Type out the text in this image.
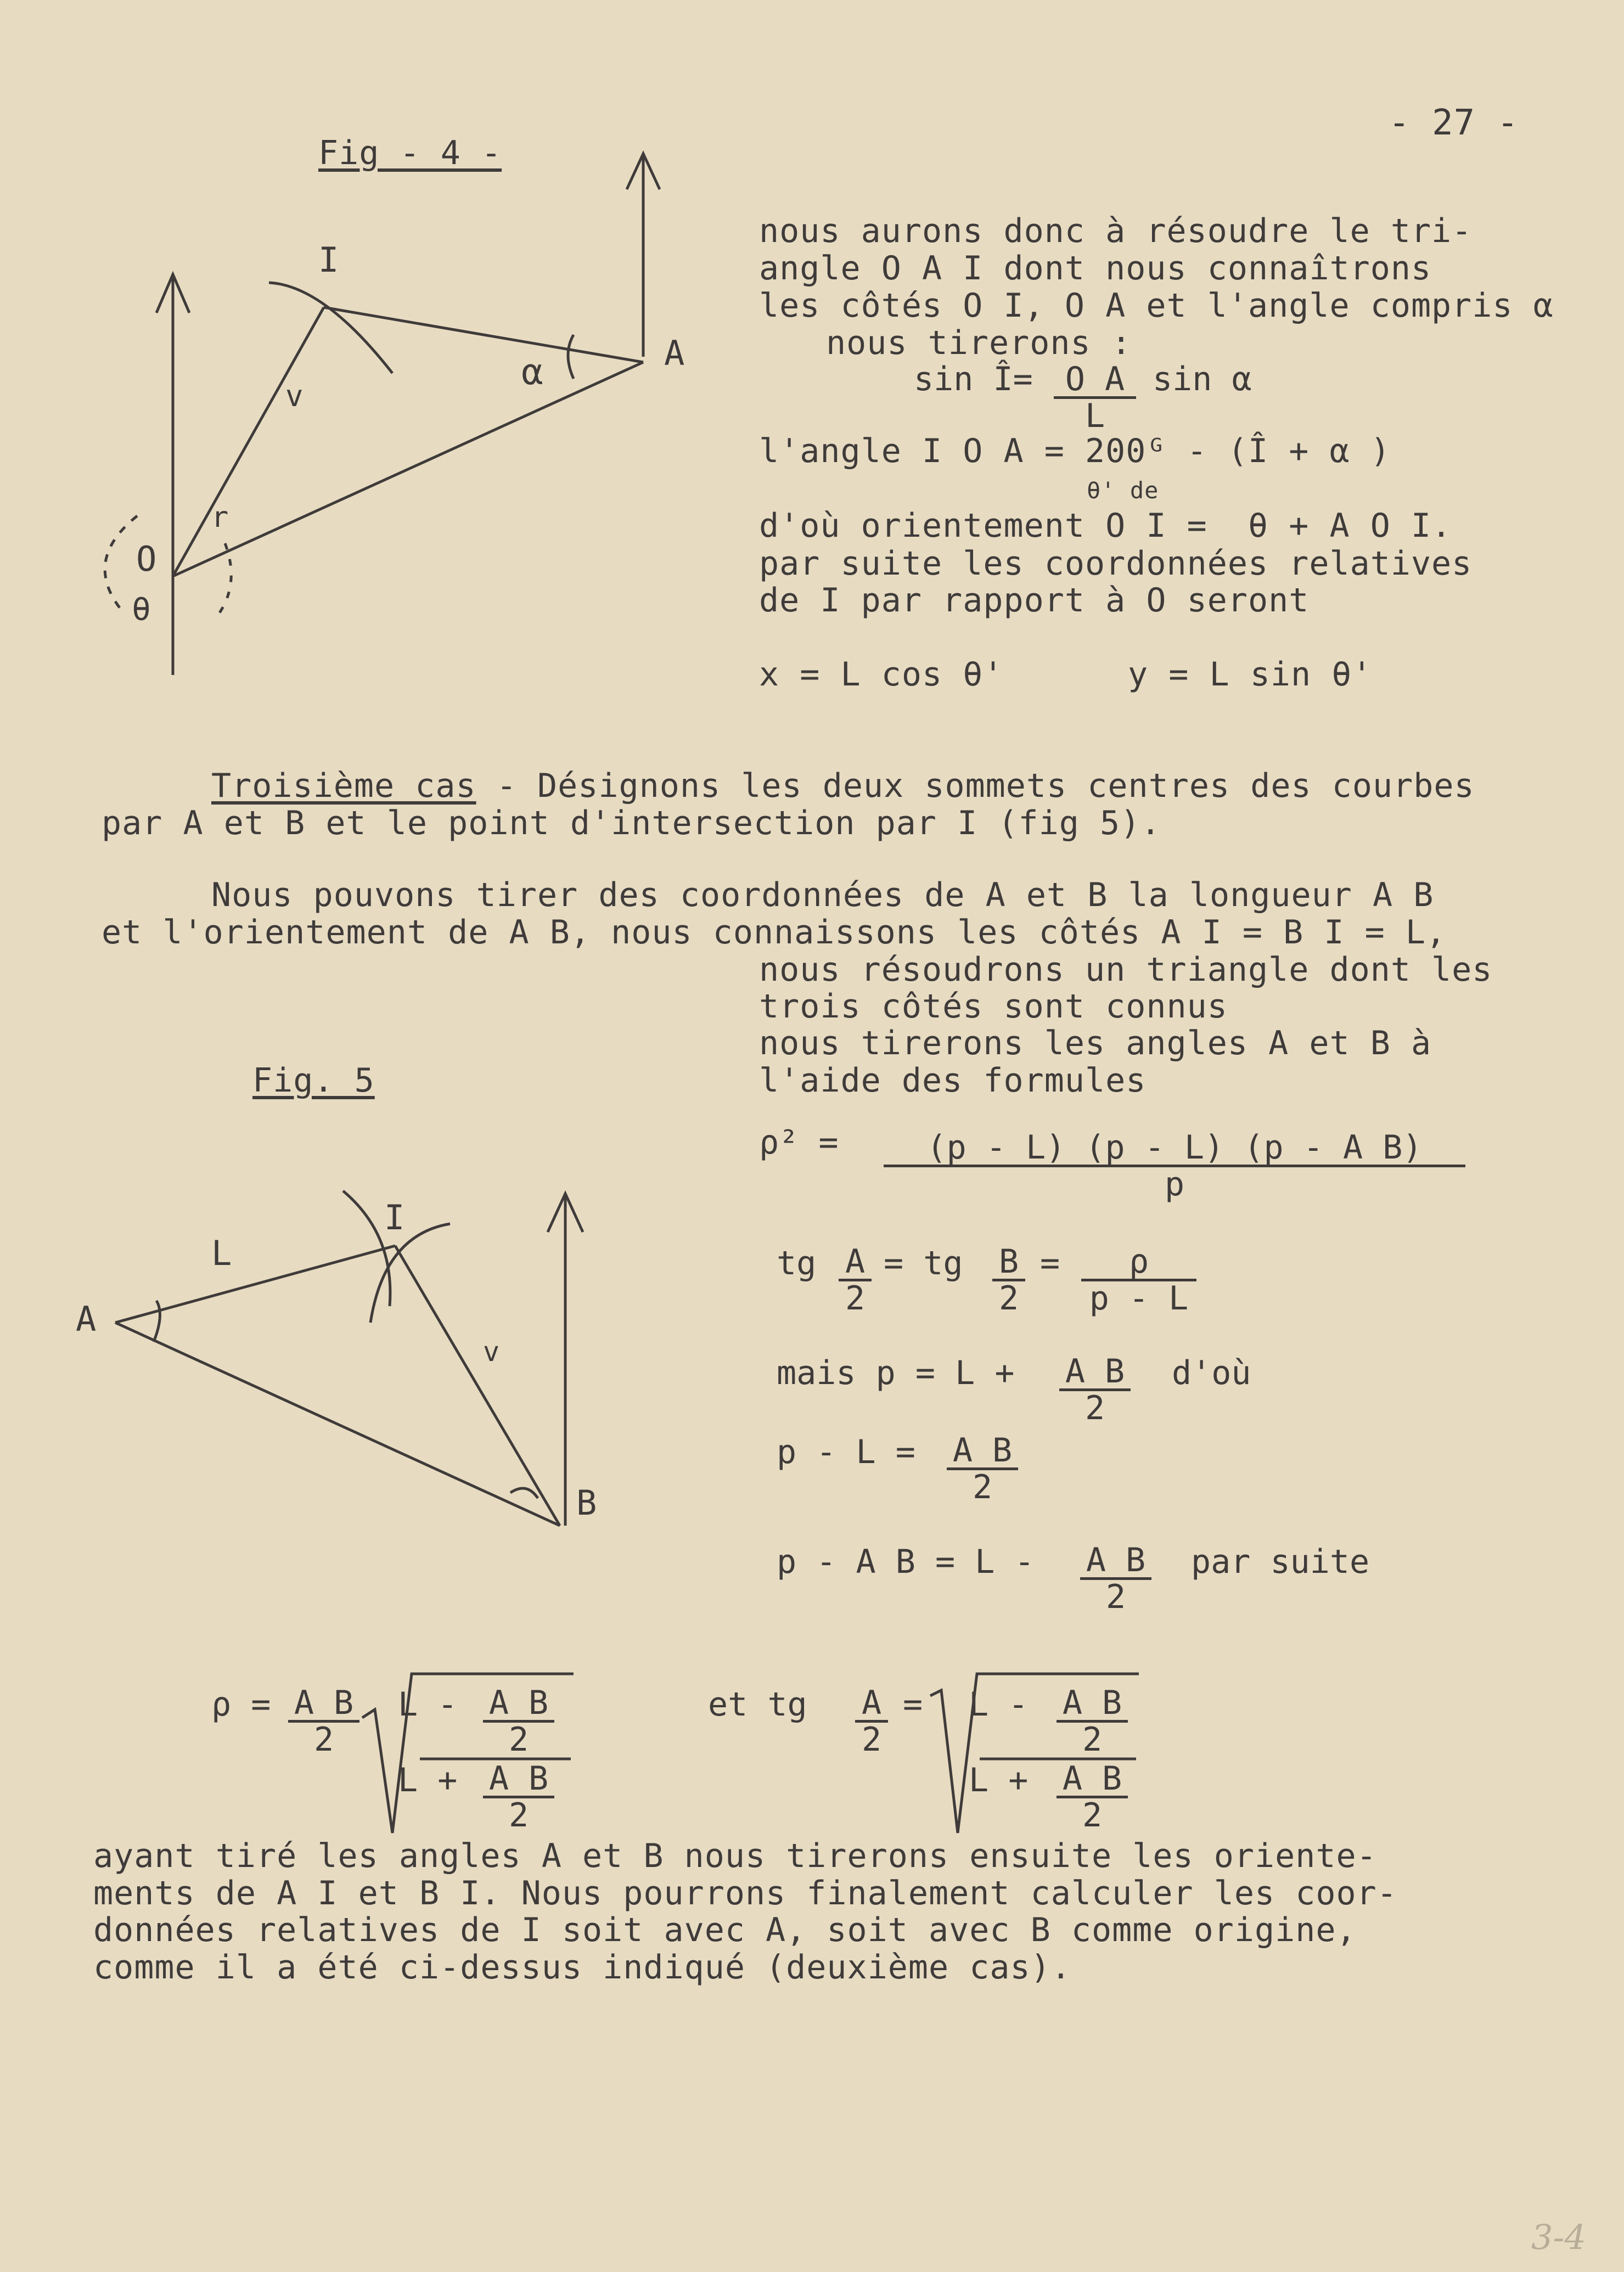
- 27 -
Fig - 4 -
I
A
O
α
θ
v
r
nous aurons donc à résoudre le tri-
angle O A I dont nous connaîtrons
les côtés O I, O A et l'angle compris α
nous tirerons :
sin Î= $\frac{\text{O A}}{L}$ sin α
l'angle I O A = 200ᴳ - (Î + α )
θ' de
d'où orientement O I =  θ + A O I.
par suite les coordonnées relatives
de I par rapport à O seront
x = L cos θ'	y = L sin θ'
Troisième cas - Désignons les deux sommets centres des courbes
par A et B et le point d'intersection par I (fig 5).
Nous pouvons tirer des coordonnées de A et B la longueur A B
et l'orientement de A B, nous connaissons les côtés A I = B I = L,
nous résoudrons un triangle dont les
trois côtés sont connus
nous tirerons les angles A et B à
l'aide des formules
Fig. 5
A
B
I
L
v
$\rho^2 = \frac{\text{(p - L) (p - L) (p - A B)}}{p}$
tg $\frac{A}{2}$ = tg $\frac{B}{2} = \frac{\rho}{p - L}$
mais $p = L + \frac{\text{A B}}{2}$ d'où
$p - L = \frac{\text{A B}}{2}$
p - A $B = L - \frac{\text{A B}}{2}$ par suite
$\rho = \frac{\text{A B}}{2}$ L - $\frac{\text{A B}}{2}$
$L + \frac{\text{A B}}{2}$
et tg $\frac{A}{2} = L - \frac{\text{A B}}{2}$
$L + \frac{\text{A B}}{2}$
ayant tiré les angles A et B nous tirerons ensuite les oriente-
ments de A I et B I. Nous pourrons finalement calculer les coor-
données relatives de I soit avec A, soit avec B comme origine,
comme il a été ci-dessus indiqué (deuxième cas).
3-4
